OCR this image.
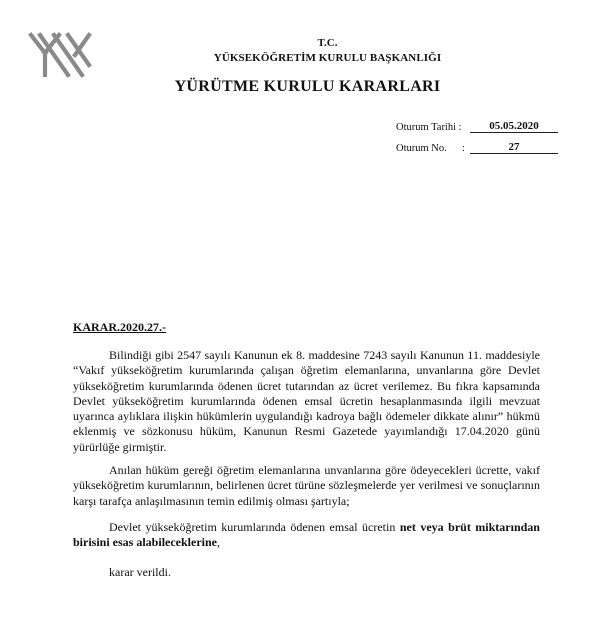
T.C.
YÜKSEKÖĞRETİM KURULU BAŞKANLIĞI
YÜRÜTME KURULU KARARLARI
Oturum Tarihi :	05.05.2020
Oturum No. :	27
KARAR.2020.27.-

Bilindiği gibi 2547 sayılı Kanunun ek 8. maddesine 7243 sayılı Kanunun 11. maddesiyle “Vakıf yükseköğretim kurumlarında çalışan öğretim elemanlarına, unvanlarına göre Devlet yükseköğretim kurumlarında ödenen ücret tutarından az ücret verilemez. Bu fıkra kapsamında Devlet yükseköğretim kurumlarında ödenen emsal ücretin hesaplanmasında ilgili mevzuat uyarınca aylıklara ilişkin hükümlerin uygulandığı kadroya bağlı ödemeler dikkate alınır” hükmü eklenmiş ve sözkonusu hüküm, Kanunun Resmi Gazetede yayımlandığı 17.04.2020 günü yürürlüğe girmiştir.

Anılan hüküm gereği öğretim elemanlarına unvanlarına göre ödeyecekleri ücrette, vakıf yükseköğretim kurumlarının, belirlenen ücret türüne sözleşmelerde yer verilmesi ve sonuçlarının karşı tarafça anlaşılmasının temin edilmiş olması şartıyla;

Devlet yükseköğretim kurumlarında ödenen emsal ücretin net veya brüt miktarından birisini esas alabileceklerine,

karar verildi.
